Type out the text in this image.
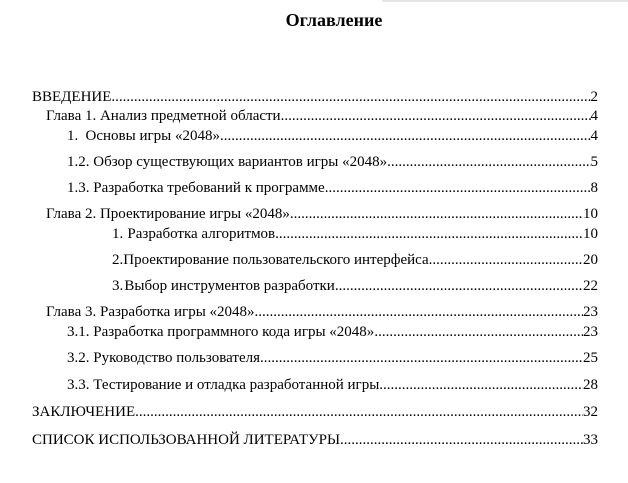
Оглавление
ВВЕДЕНИЕ .....	2
Глава 1. Анализ предметной области .....	4
1. Основы игры «2048» .....	4
1.2. Обзор существующих вариантов игры «2048» .....	5
1.3. Разработка требований к программе .....	8
Глава 2. Проектирование игры «2048» .....	10
1. Разработка алгоритмов .....	10
2. Проектирование пользовательского интерфейса .....	20
3. Выбор инструментов разработки .....	22
Глава 3. Разработка игры «2048» .....	23
3.1. Разработка программного кода игры «2048» .....	23
3.2. Руководство пользователя .....	25
3.3. Тестирование и отладка разработанной игры .....	28
ЗАКЛЮЧЕНИЕ .....	32
СПИСОК ИСПОЛЬЗОВАННОЙ ЛИТЕРАТУРЫ .....	33
